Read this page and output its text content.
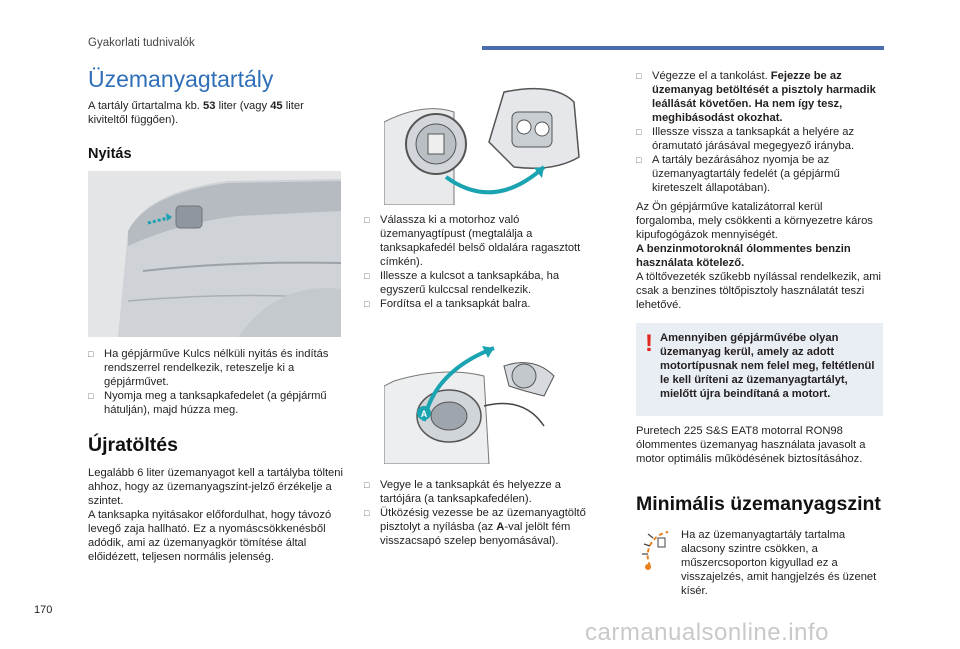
Gyakorlati tudnivalók
Üzemanyagtartály

A tartály űrtartalma kb. 53 liter (vagy 45 liter kiviteltől függően).

Nyitás
□ Ha gépjárműve Kulcs nélküli nyitás és indítás rendszerrel rendelkezik, reteszelje ki a gépjárművet.
□ Nyomja meg a tanksapkafedelet (a gépjármű hátulján), majd húzza meg.
Újratöltés

Legalább 6 liter üzemanyagot kell a tartályba tölteni ahhoz, hogy az üzemanyagszint-jelző érzékelje a szintet.

A tanksapka nyitásakor előfordulhat, hogy távozó levegő zaja hallható. Ez a nyomáscsökkenésből adódik, ami az üzemanyagkör tömítése által előidézett, teljesen normális jelenség.

□ Válassza ki a motorhoz való üzemanyagtípust (megtalálja a tanksapkafedél belső oldalára ragasztott címkén).
□ Illessze a kulcsot a tanksapkába, ha egyszerű kulccsal rendelkezik.
□ Fordítsa el a tanksapkát balra.
A
□ Vegye le a tanksapkát és helyezze a tartójára (a tanksapkafedélen).
□ Ütközésig vezesse be az üzemanyagtöltő pisztolyt a nyílásba (az A-val jelölt fém visszacsapó szelep benyomásával).
□ Végezze el a tankolást. Fejezze be az üzemanyag betöltését a pisztoly harmadik leállását követően. Ha nem így tesz, meghibásodást okozhat.
□ Illessze vissza a tanksapkát a helyére az óramutató járásával megegyező irányba.
□ A tartály bezárásához nyomja be az üzemanyagtartály fedelét (a gépjármű kireteszelt állapotában).

Az Ön gépjárműve katalizátorral kerül forgalomba, mely csökkenti a környezetre káros kipufogógázok mennyiségét.

A benzinmotoroknál ólommentes benzin használata kötelező.

A töltővezeték szűkebb nyílással rendelkezik, ami csak a benzines töltőpisztoly használatát teszi lehetővé.

! Amennyiben gépjárművébe olyan üzemanyag kerül, amely az adott motortípusnak nem felel meg, feltétlenül le kell üríteni az üzemanyagtartályt, mielőtt újra beindítaná a motort.

Puretech 225 S&S EAT8 motorral RON98 ólommentes üzemanyag használata javasolt a motor optimális működésének biztosításához.

Minimális üzemanyagszint

Ha az üzemanyagtartály tartalma alacsony szintre csökken, a műszercsoporton kigyullad ez a visszajelzés, amit hangjelzés és üzenet kísér.

170
carmanualsonline.info
